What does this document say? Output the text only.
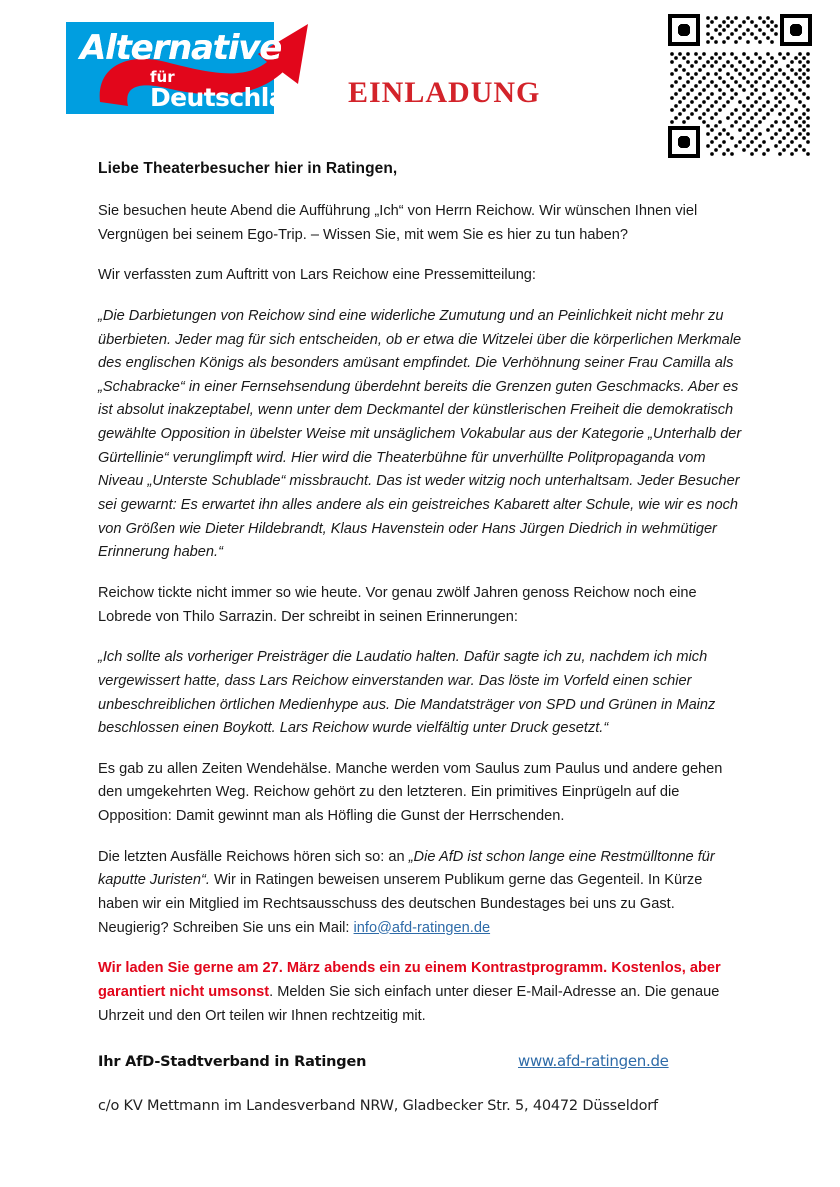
Alternative
für
Deutschland EINLADUNG

Liebe Theaterbesucher hier in Ratingen,

Sie besuchen heute Abend die Aufführung „Ich“ von Herrn Reichow. Wir wünschen Ihnen viel Vergnügen bei seinem Ego-Trip. – Wissen Sie, mit wem Sie es hier zu tun haben?

Wir verfassten zum Auftritt von Lars Reichow eine Pressemitteilung:

„Die Darbietungen von Reichow sind eine widerliche Zumutung und an Peinlichkeit nicht mehr zu überbieten. Jeder mag für sich entscheiden, ob er etwa die Witzelei über die körperlichen Merkmale des englischen Königs als besonders amüsant empfindet. Die Verhöhnung seiner Frau Camilla als „Schabracke“ in einer Fernsehsendung überdehnt bereits die Grenzen guten Geschmacks. Aber es ist absolut inakzeptabel, wenn unter dem Deckmantel der künstlerischen Freiheit die demokratisch gewählte Opposition in übelster Weise mit unsäglichem Vokabular aus der Kategorie „Unterhalb der Gürtellinie“ verunglimpft wird. Hier wird die Theaterbühne für unverhüllte Politpropaganda vom Niveau „Unterste Schublade“ missbraucht. Das ist weder witzig noch unterhaltsam. Jeder Besucher sei gewarnt: Es erwartet ihn alles andere als ein geistreiches Kabarett alter Schule, wie wir es noch von Größen wie Dieter Hildebrandt, Klaus Havenstein oder Hans Jürgen Diedrich in wehmütiger Erinnerung haben.“

Reichow tickte nicht immer so wie heute. Vor genau zwölf Jahren genoss Reichow noch eine Lobrede von Thilo Sarrazin. Der schreibt in seinen Erinnerungen:

„Ich sollte als vorheriger Preisträger die Laudatio halten. Dafür sagte ich zu, nachdem ich mich vergewissert hatte, dass Lars Reichow einverstanden war. Das löste im Vorfeld einen schier unbeschreiblichen örtlichen Medienhype aus. Die Mandatsträger von SPD und Grünen in Mainz beschlossen einen Boykott. Lars Reichow wurde vielfältig unter Druck gesetzt.“

Es gab zu allen Zeiten Wendehälse. Manche werden vom Saulus zum Paulus und andere gehen den umgekehrten Weg. Reichow gehört zu den letzteren. Ein primitives Einprügeln auf die Opposition: Damit gewinnt man als Höfling die Gunst der Herrschenden.

Die letzten Ausfälle Reichows hören sich so: an „Die AfD ist schon lange eine Restmülltonne für kaputte Juristen“. Wir in Ratingen beweisen unserem Publikum gerne das Gegenteil. In Kürze haben wir ein Mitglied im Rechtsausschuss des deutschen Bundestages bei uns zu Gast. Neugierig? Schreiben Sie uns ein Mail: info@afd-ratingen.de

Wir laden Sie gerne am 27. März abends ein zu einem Kontrastprogramm. Kostenlos, aber garantiert nicht umsonst. Melden Sie sich einfach unter dieser E-Mail-Adresse an. Die genaue Uhrzeit und den Ort teilen wir Ihnen rechtzeitig mit.

Ihr AfD-Stadtverband in Ratingen	www.afd-ratingen.de
c/o KV Mettmann im Landesverband NRW, Gladbecker Str. 5, 40472 Düsseldorf
